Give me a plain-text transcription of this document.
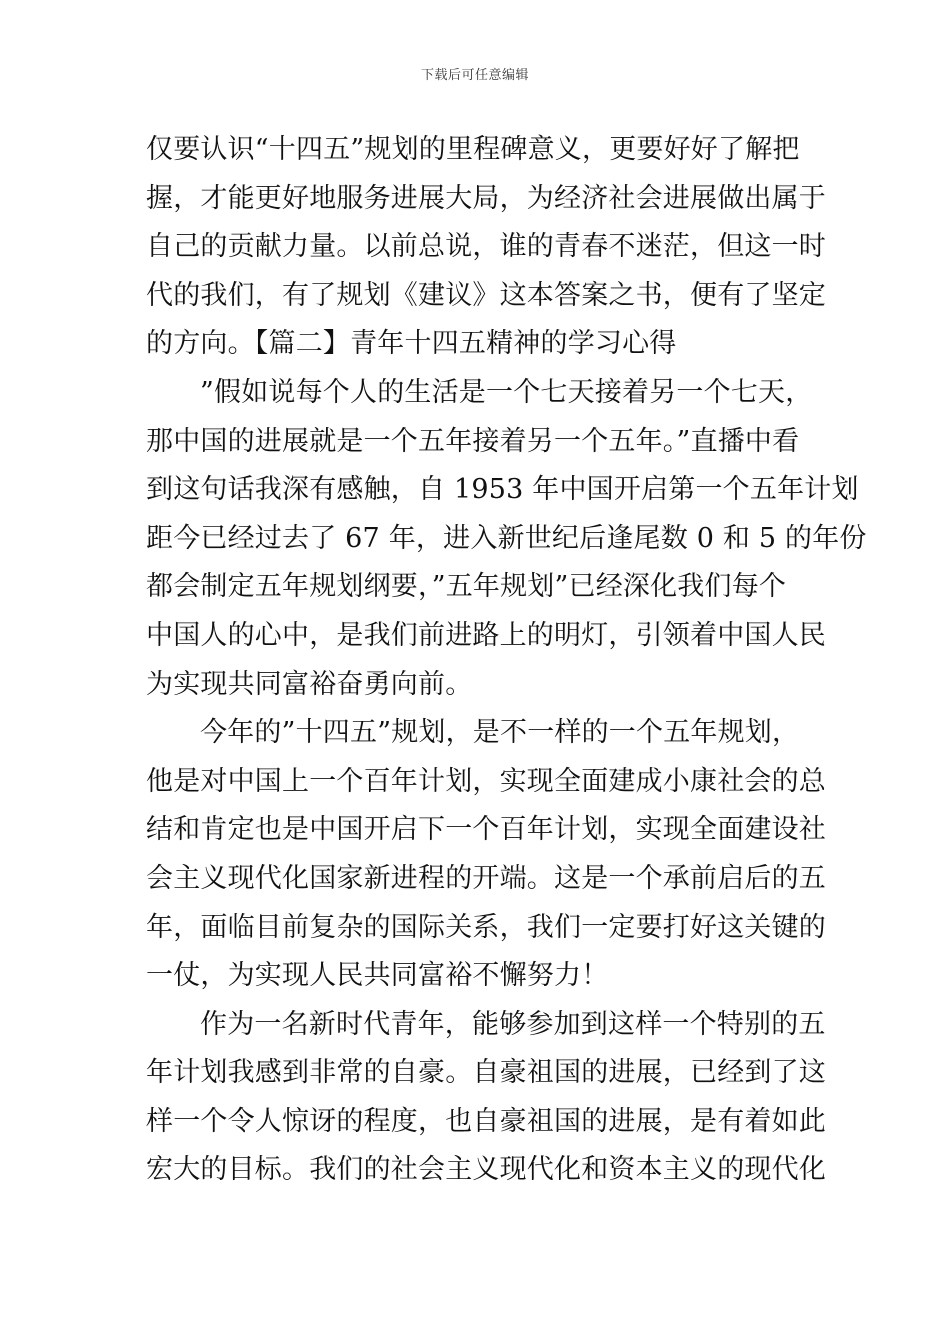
下载后可任意编辑
仅要认识“十四五”规划的里程碑意义，更要好好了解把
握，才能更好地服务进展大局，为经济社会进展做出属于
自己的贡献力量。以前总说，谁的青春不迷茫，但这一时
代的我们，有了规划《建议》这本答案之书，便有了坚定
的方向。【篇二】青年十四五精神的学习心得
”假如说每个人的生活是一个七天接着另一个七天，
那中国的进展就是一个五年接着另一个五年。”直播中看
到这句话我深有感触，自 1953 年中国开启第一个五年计划
距今已经过去了 67 年，进入新世纪后逢尾数 0 和 5 的年份
都会制定五年规划纲要，”五年规划”已经深化我们每个
中国人的心中，是我们前进路上的明灯，引领着中国人民
为实现共同富裕奋勇向前。
今年的”十四五”规划，是不一样的一个五年规划，
他是对中国上一个百年计划，实现全面建成小康社会的总
结和肯定也是中国开启下一个百年计划，实现全面建设社
会主义现代化国家新进程的开端。这是一个承前启后的五
年，面临目前复杂的国际关系，我们一定要打好这关键的
一仗，为实现人民共同富裕不懈努力！
作为一名新时代青年，能够参加到这样一个特别的五
年计划我感到非常的自豪。自豪祖国的进展，已经到了这
样一个令人惊讶的程度，也自豪祖国的进展，是有着如此
宏大的目标。我们的社会主义现代化和资本主义的现代化
